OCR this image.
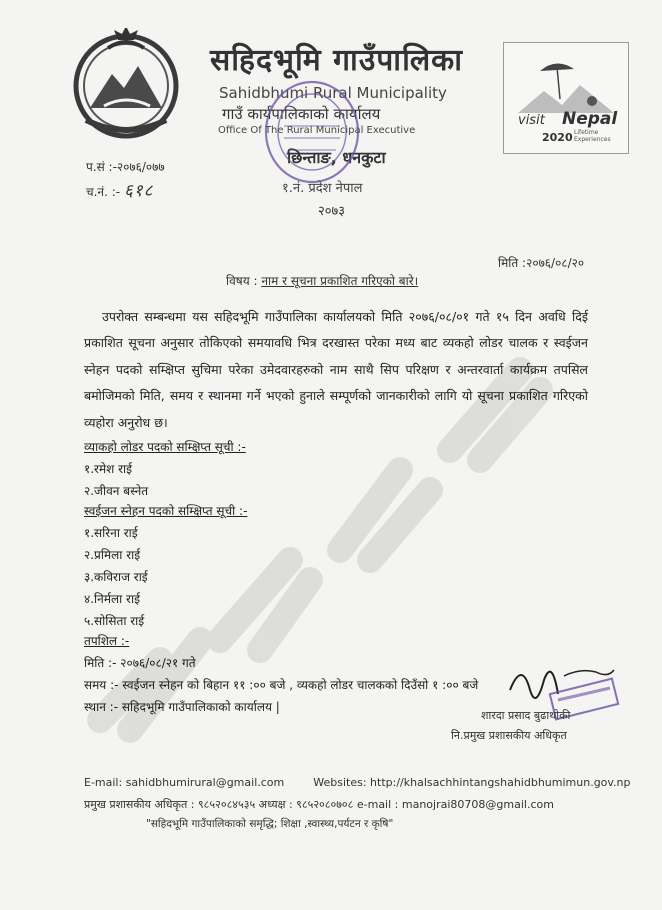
सहिदभूमि गाउँपालिका
Sahidbhumi Rural Municipality
गाउँ कार्यपालिकाको कार्यालय
Office Of The Rural Municipal Executive
छिन्ताङ, धनकुटा
१.नं. प्रदेश नेपाल
२०७३
प.सं :-२०७६/०७७
च.नं. :- ६१८
visit Nepal
2020 Lifetime Experiences
मिति :२०७६/०८/२०
विषय : नाम र सूचना प्रकाशित गरिएको बारे।
उपरोक्त सम्बन्धमा यस सहिदभूमि गाउँपालिका कार्यालयको मिति २०७६/०८/०१ गते १५ दिन अवधि दिई प्रकाशित सूचना अनुसार तोकिएको समयावधि भित्र दरखास्त परेका मध्य बाट व्यकहो लोडर चालक र स्वईजन स्नेहन पदको सम्क्षिप्त सुचिमा परेका उमेदवारहरुको नाम साथै सिप परिक्षण र अन्तरवार्ता कार्यक्रम तपसिल बमोजिमको मिति, समय र स्थानमा गर्ने भएको हुनाले सम्पूर्णको जानकारीको लागि यो सूचना प्रकाशित गरिएको व्यहोरा अनुरोध छ।
व्याकहो लोडर पदको सम्क्षिप्त सूची :-
१.रमेश राई
२.जीवन बस्नेत
स्वईजन स्नेहन पदको सम्क्षिप्त सूची :-
१.सरिना राई
२.प्रमिला राई
३.कविराज राई
४.निर्मला राई
५.सोसिता राई
तपशिल :-
मिति :- २०७६/०८/२१ गते
समय :- स्वईजन स्नेहन को बिहान ११ :०० बजे , व्यकहो लोडर चालकको दिउँसो १ :०० बजे
स्थान :- सहिदभूमि गाउँपालिकाको कार्यालय |
शारदा प्रसाद बुढाथोकी
नि.प्रमुख प्रशासकीय अधिकृत
E-mail: sahidbhumirural@gmail.com	Websites: http://khalsachhintangshahidbhumimun.gov.np
प्रमुख प्रशासकीय अधिकृत : ९८५२०८४५३५ अध्यक्ष : ९८५२०८०७०८ e-mail : manojrai80708@gmail.com
"सहिदभूमि गाउँपालिकाको समृद्धि; शिक्षा ,स्वास्थ्य,पर्यटन र कृषि"
